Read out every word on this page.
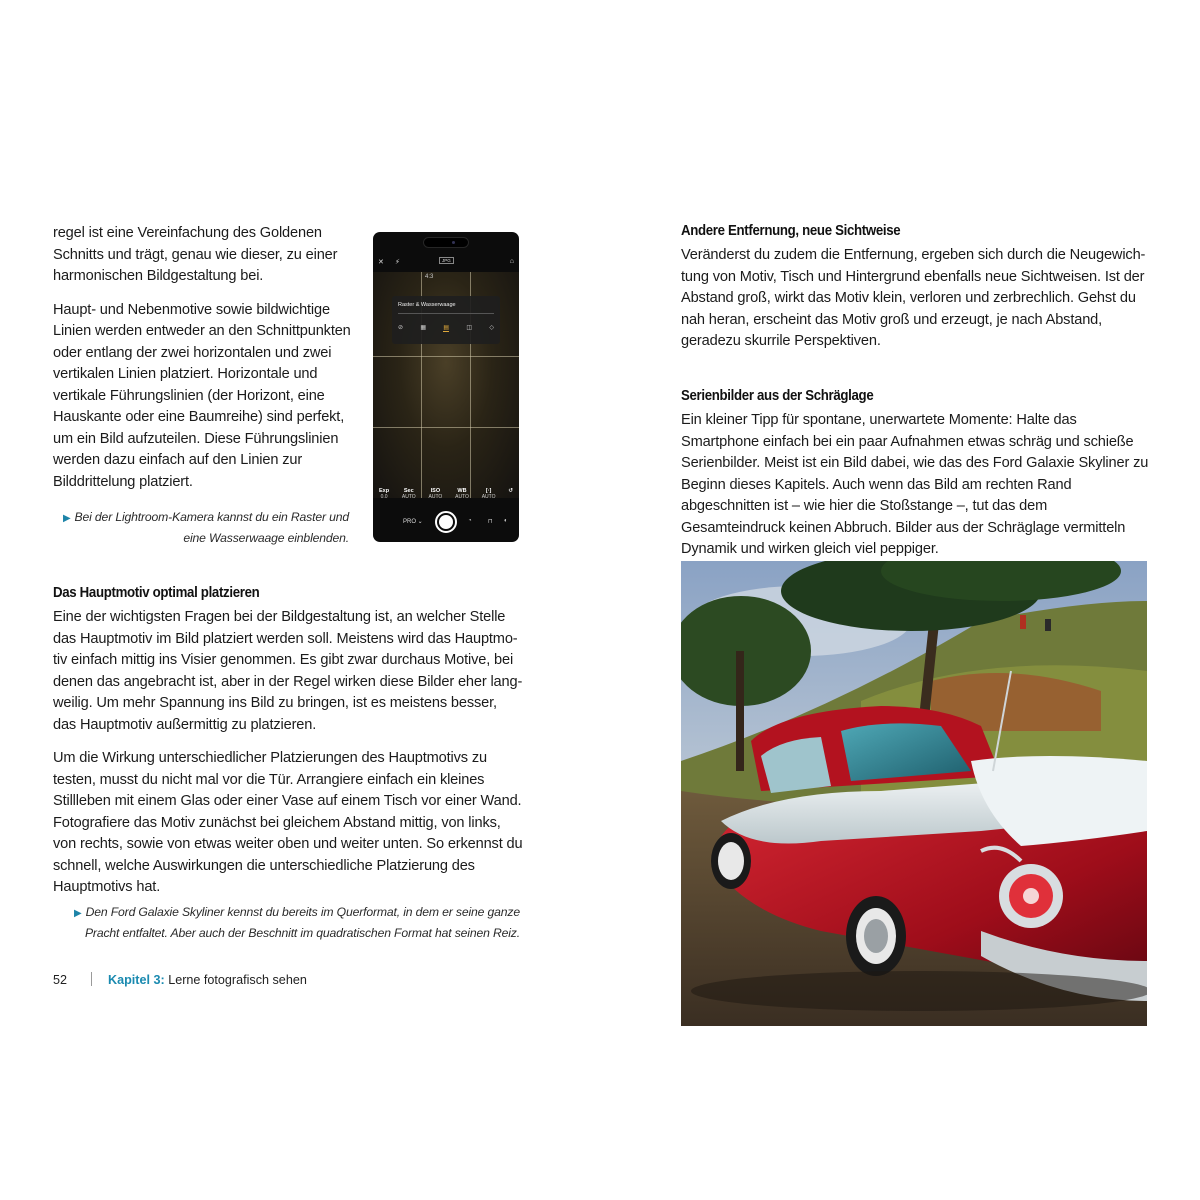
regel ist eine Vereinfachung des Goldenen Schnitts und trägt, genau wie dieser, zu einer harmonischen Bildgestaltung bei.

Haupt- und Nebenmotive sowie bildwichtige Linien werden entweder an den Schnittpunkten oder entlang der zwei horizontalen und zwei vertikalen Linien platziert. Horizontale und vertikale Führungslinien (der Horizont, eine Hauskante oder eine Baumreihe) sind perfekt, um ein Bild aufzuteilen. Diese Führungslinien werden dazu einfach auf den Linien zur Bilddrittelung platziert.

✕ ⚡	JPG	⌂
Raster & Wasserwaage
⊘	▦	▤	◫	◇
4:3
Exp
0.0
Sec
AUTO
ISO
AUTO
WB
AUTO
[·]
AUTO
↺
PRO ⌄	◔	⊓ ◐
▶ Bei der Lightroom-Kamera kannst du ein Raster und eine Wasserwaage einblenden.
Das Hauptmotiv optimal platzieren

Eine der wichtigsten Fragen bei der Bildgestaltung ist, an welcher Stelle das Hauptmotiv im Bild platziert werden soll. Meistens wird das Hauptmotiv einfach mittig ins Visier genommen. Es gibt zwar durchaus Motive, bei denen das angebracht ist, aber in der Regel wirken diese Bilder eher langweilig. Um mehr Spannung ins Bild zu bringen, ist es meistens besser, das Hauptmotiv außermittig zu platzieren.

Um die Wirkung unterschiedlicher Platzierungen des Hauptmotivs zu testen, musst du nicht mal vor die Tür. Arrangiere einfach ein kleines Stillleben mit einem Glas oder einer Vase auf einem Tisch vor einer Wand. Fotografiere das Motiv zunächst bei gleichem Abstand mittig, von links, von rechts, sowie von etwas weiter oben und weiter unten. So erkennst du schnell, welche Auswirkungen die unterschiedliche Platzierung des Hauptmotivs hat.

▶ Den Ford Galaxie Skyliner kennst du bereits im Querformat, in dem er seine ganze Pracht entfaltet. Aber auch der Beschnitt im quadratischen Format hat seinen Reiz.
52	Kapitel 3: Lerne fotografisch sehen
Andere Entfernung, neue Sichtweise

Veränderst du zudem die Entfernung, ergeben sich durch die Neugewichtung von Motiv, Tisch und Hintergrund ebenfalls neue Sichtweisen. Ist der Abstand groß, wirkt das Motiv klein, verloren und zerbrechlich. Gehst du nah heran, erscheint das Motiv groß und erzeugt, je nach Abstand, geradezu skurrile Perspektiven.

Serienbilder aus der Schräglage

Ein kleiner Tipp für spontane, unerwartete Momente: Halte das Smartphone einfach bei ein paar Aufnahmen etwas schräg und schieße Serienbilder. Meist ist ein Bild dabei, wie das des Ford Galaxie Skyliner zu Beginn dieses Kapitels. Auch wenn das Bild am rechten Rand abgeschnitten ist – wie hier die Stoßstange –, tut das dem Gesamteindruck keinen Abbruch. Bilder aus der Schräglage vermitteln Dynamik und wirken gleich viel peppiger.
